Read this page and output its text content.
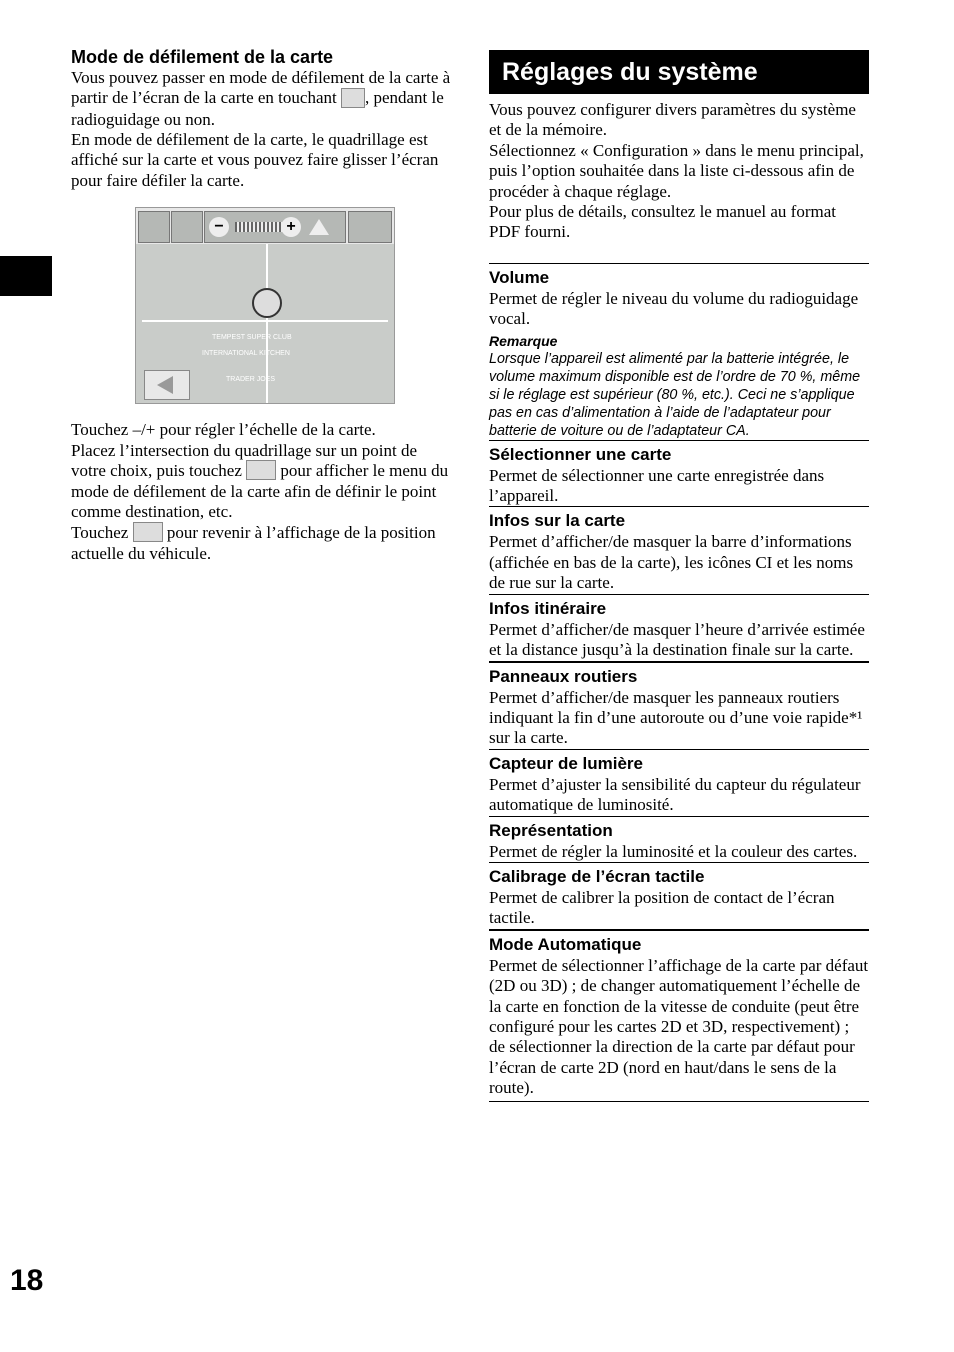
Mode de défilement de la carte

Vous pouvez passer en mode de défilement de la carte à partir de l’écran de la carte en touchant , pendant le radioguidage ou non.

En mode de défilement de la carte, le quadrillage est affiché sur la carte et vous pouvez faire glisser l’écran pour faire défiler la carte.

−	+
TEMPEST SUPER CLUB
INTERNATIONAL KITCHEN
TRADER JOES

Touchez –/+ pour régler l’échelle de la carte.

Placez l’intersection du quadrillage sur un point de votre choix, puis touchez pour afficher le menu du mode de défilement de la carte afin de définir le point comme destination, etc.

Touchez pour revenir à l’affichage de la position actuelle du véhicule.

Réglages du système

Vous pouvez configurer divers paramètres du système et de la mémoire.

Sélectionnez « Configuration » dans le menu principal, puis l’option souhaitée dans la liste ci-dessous afin de procéder à chaque réglage.

Pour plus de détails, consultez le manuel au format PDF fourni.

Volume

Permet de régler le niveau du volume du radioguidage vocal.

Remarque
Lorsque l’appareil est alimenté par la batterie intégrée, le volume maximum disponible est de l’ordre de 70 %, même si le réglage est supérieur (80 %, etc.). Ceci ne s’applique pas en cas d’alimentation à l’aide de l’adaptateur pour batterie de voiture ou de l’adaptateur CA.
Sélectionner une carte

Permet de sélectionner une carte enregistrée dans l’appareil.

Infos sur la carte

Permet d’afficher/de masquer la barre d’informations (affichée en bas de la carte), les icônes CI et les noms de rue sur la carte.

Infos itinéraire

Permet d’afficher/de masquer l’heure d’arrivée estimée et la distance jusqu’à la destination finale sur la carte.

Panneaux routiers

Permet d’afficher/de masquer les panneaux routiers indiquant la fin d’une autoroute ou d’une voie rapide*¹ sur la carte.

Capteur de lumière

Permet d’ajuster la sensibilité du capteur du régulateur automatique de luminosité.

Représentation

Permet de régler la luminosité et la couleur des cartes.

Calibrage de l’écran tactile

Permet de calibrer la position de contact de l’écran tactile.

Mode Automatique

Permet de sélectionner l’affichage de la carte par défaut (2D ou 3D) ; de changer automatiquement l’échelle de la carte en fonction de la vitesse de conduite (peut être configuré pour les cartes 2D et 3D, respectivement) ; de sélectionner la direction de la carte par défaut pour l’écran de carte 2D (nord en haut/dans le sens de la route).

18
